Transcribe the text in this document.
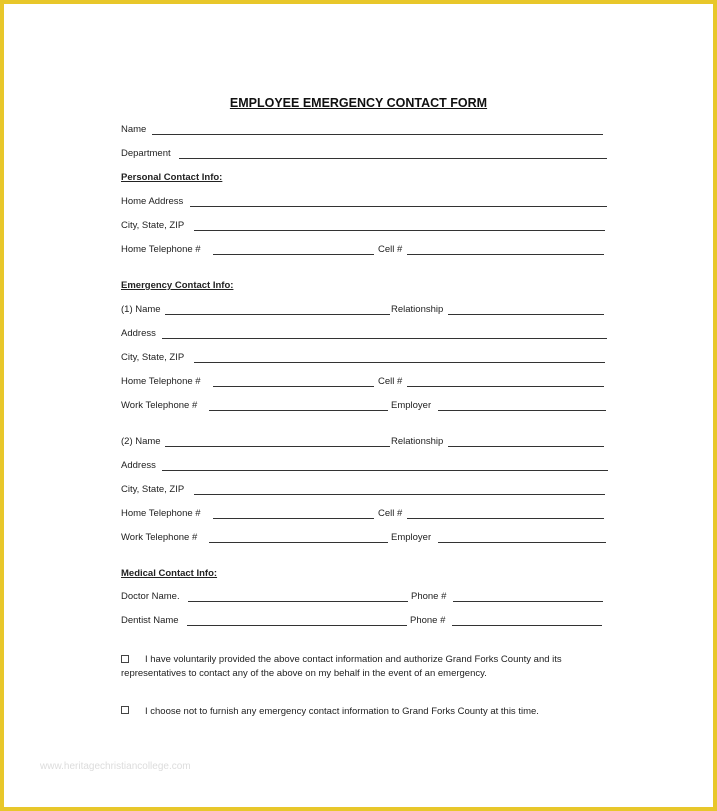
EMPLOYEE EMERGENCY CONTACT FORM
Name
Department
Personal Contact Info:
Home Address
City, State, ZIP
Home Telephone #	Cell #
Emergency Contact Info:
(1) Name	Relationship
Address
City, State, ZIP
Home Telephone #	Cell #
Work Telephone #	Employer
(2) Name	Relationship
Address
City, State, ZIP
Home Telephone #	Cell #
Work Telephone #	Employer
Medical Contact Info:
Doctor Name.	Phone #
Dentist Name	Phone #
I have voluntarily provided the above contact information and authorize Grand Forks County and its representatives to contact any of the above on my behalf in the event of an emergency.
I choose not to furnish any emergency contact information to Grand Forks County at this time.
www.heritagechristiancollege.com
